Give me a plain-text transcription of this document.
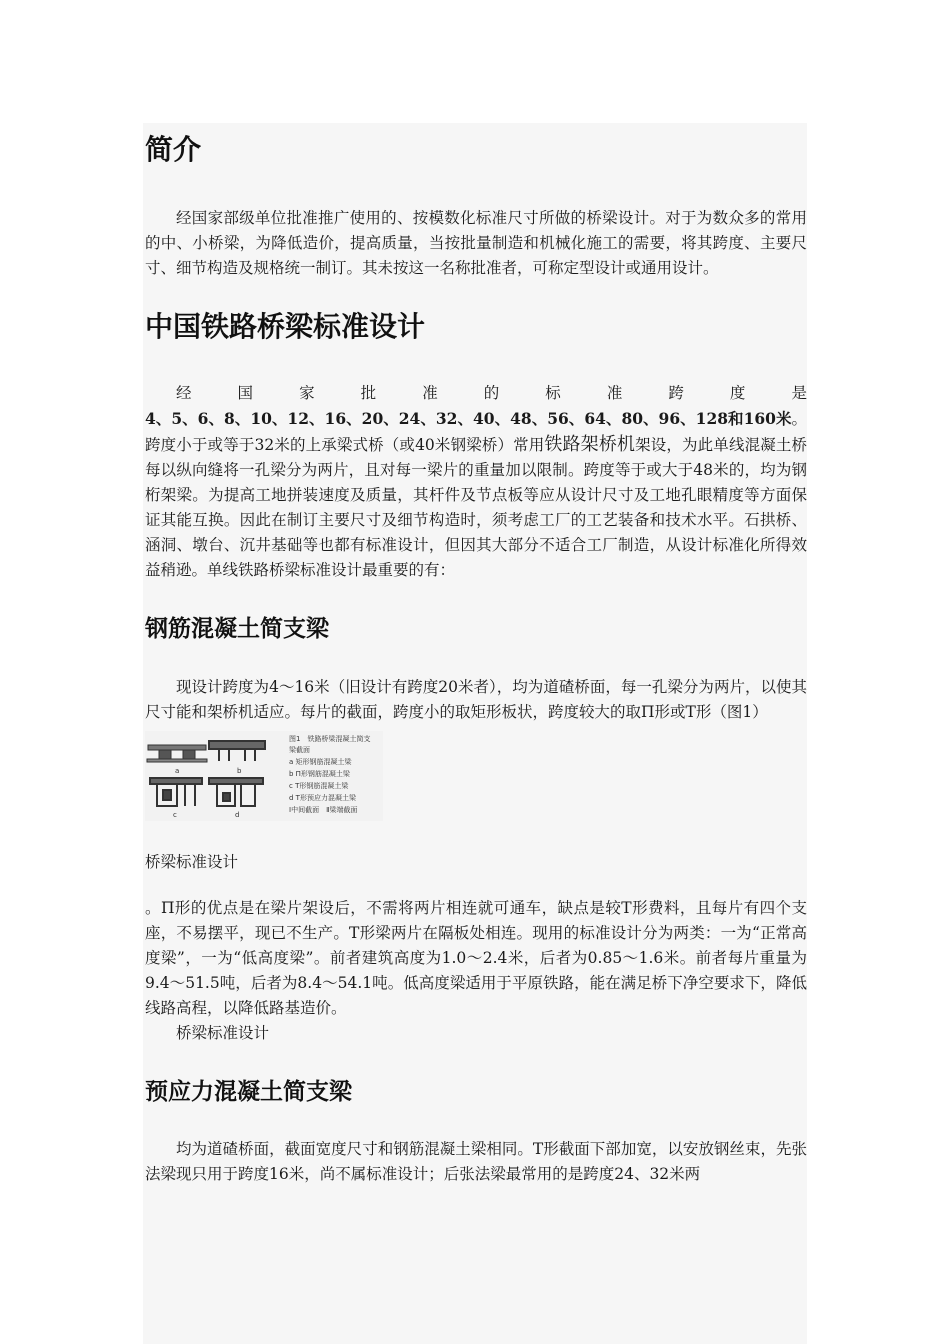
简介

经国家部级单位批准推广使用的、按模数化标准尺寸所做的桥梁设计。对于为数众多的常用的中、小桥梁，为降低造价，提高质量，当按批量制造和机械化施工的需要，将其跨度、主要尺寸、细节构造及规格统一制订。其未按这一名称批准者，可称定型设计或通用设计。

中国铁路桥梁标准设计

经国家批准的标准跨度是

4、5、6、8、10、12、16、20、24、32、40、48、56、64、80、96、128和160米。跨度小于或等于32米的上承梁式桥（或40米钢梁桥）常用铁路架桥机架设，为此单线混凝土桥每以纵向缝将一孔梁分为两片，且对每一梁片的重量加以限制。跨度等于或大于48米的，均为钢桁架梁。为提高工地拼装速度及质量，其杆件及节点板等应从设计尺寸及工地孔眼精度等方面保证其能互换。因此在制订主要尺寸及细节构造时，须考虑工厂的工艺装备和技术水平。石拱桥、涵洞、墩台、沉井基础等也都有标准设计，但因其大部分不适合工厂制造，从设计标准化所得效益稍逊。单线铁路桥梁标准设计最重要的有：

钢筋混凝土简支梁

现设计跨度为4～16米（旧设计有跨度20米者），均为道碴桥面，每一孔梁分为两片，以使其尺寸能和架桥机适应。每片的截面，跨度小的取矩形板状，跨度较大的取Π形或T形（图1）

a	b
c	d
图1　铁路桥梁混凝土简支
梁截面
a 矩形钢筋混凝土梁
b Π形钢筋混凝土梁
c T形钢筋混凝土梁
d T形预应力混凝土梁
Ⅰ中间截面　Ⅱ梁端截面

桥梁标准设计

。Π形的优点是在梁片架设后，不需将两片相连就可通车，缺点是较T形费料，且每片有四个支座，不易摆平，现已不生产。T形梁两片在隔板处相连。现用的标准设计分为两类：一为“正常高度梁”，一为“低高度梁”。前者建筑高度为1.0～2.4米，后者为0.85～1.6米。前者每片重量为9.4～51.5吨，后者为8.4～54.1吨。低高度梁适用于平原铁路，能在满足桥下净空要求下，降低线路高程，以降低路基造价。

桥梁标准设计

预应力混凝土简支梁

均为道碴桥面，截面宽度尺寸和钢筋混凝土梁相同。T形截面下部加宽，以安放钢丝束，先张法梁现只用于跨度16米，尚不属标准设计；后张法梁最常用的是跨度24、32米两
